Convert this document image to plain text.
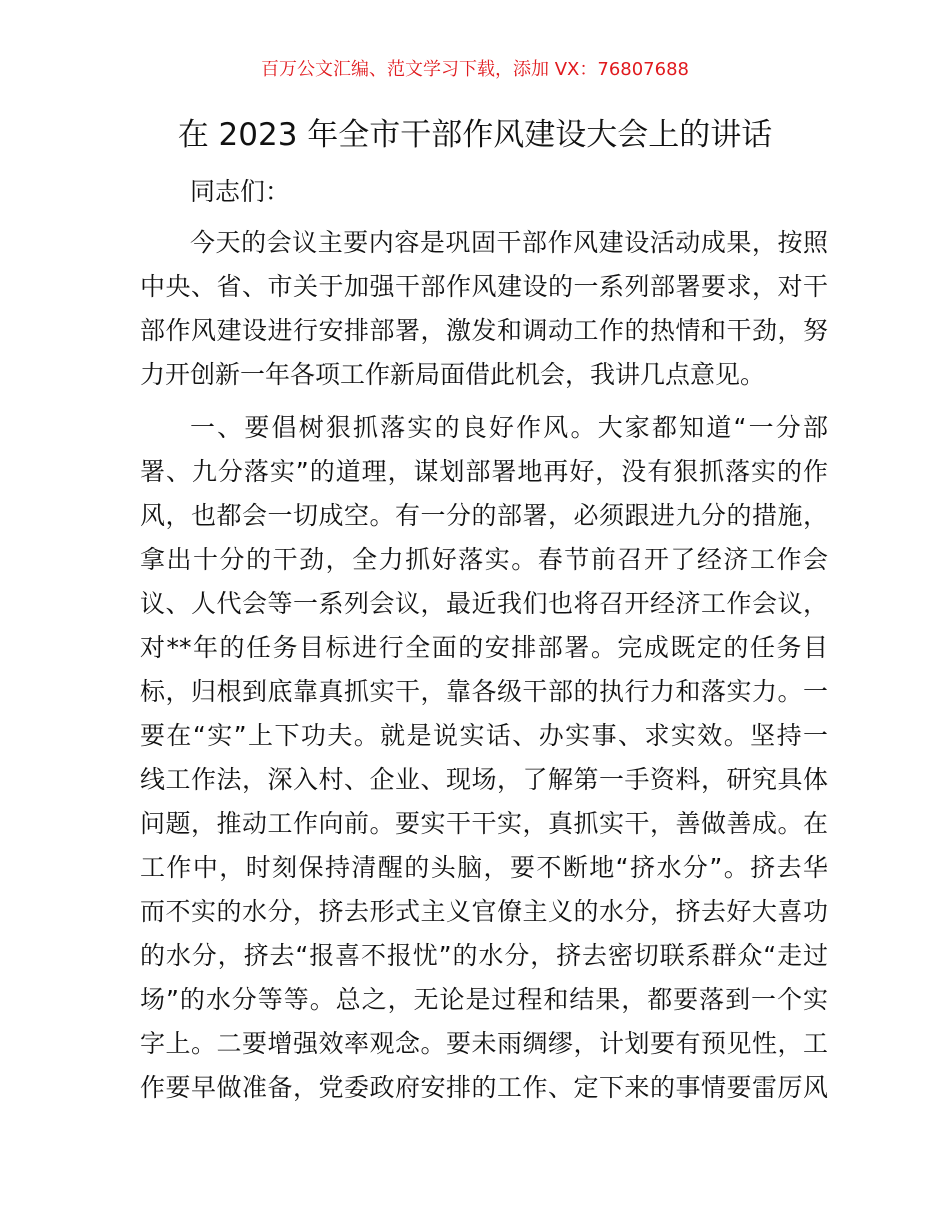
百万公文汇编、范文学习下载，添加 VX：76807688
在 2023 年全市干部作风建设大会上的讲话
同志们：
今天的会议主要内容是巩固干部作风建设活动成果，按照
中央、省、市关于加强干部作风建设的一系列部署要求，对干
部作风建设进行安排部署，激发和调动工作的热情和干劲，努
力开创新一年各项工作新局面借此机会，我讲几点意见。
一、要倡树狠抓落实的良好作风。大家都知道“一分部
署、九分落实”的道理，谋划部署地再好，没有狠抓落实的作
风，也都会一切成空。有一分的部署，必须跟进九分的措施，
拿出十分的干劲，全力抓好落实。春节前召开了经济工作会
议、人代会等一系列会议，最近我们也将召开经济工作会议，
对**年的任务目标进行全面的安排部署。完成既定的任务目
标，归根到底靠真抓实干，靠各级干部的执行力和落实力。一
要在“实”上下功夫。就是说实话、办实事、求实效。坚持一
线工作法，深入村、企业、现场，了解第一手资料，研究具体
问题，推动工作向前。要实干干实，真抓实干，善做善成。在
工作中，时刻保持清醒的头脑，要不断地“挤水分”。挤去华
而不实的水分，挤去形式主义官僚主义的水分，挤去好大喜功
的水分，挤去“报喜不报忧”的水分，挤去密切联系群众“走过
场”的水分等等。总之，无论是过程和结果，都要落到一个实
字上。二要增强效率观念。要未雨绸缪，计划要有预见性，工
作要早做准备，党委政府安排的工作、定下来的事情要雷厉风
